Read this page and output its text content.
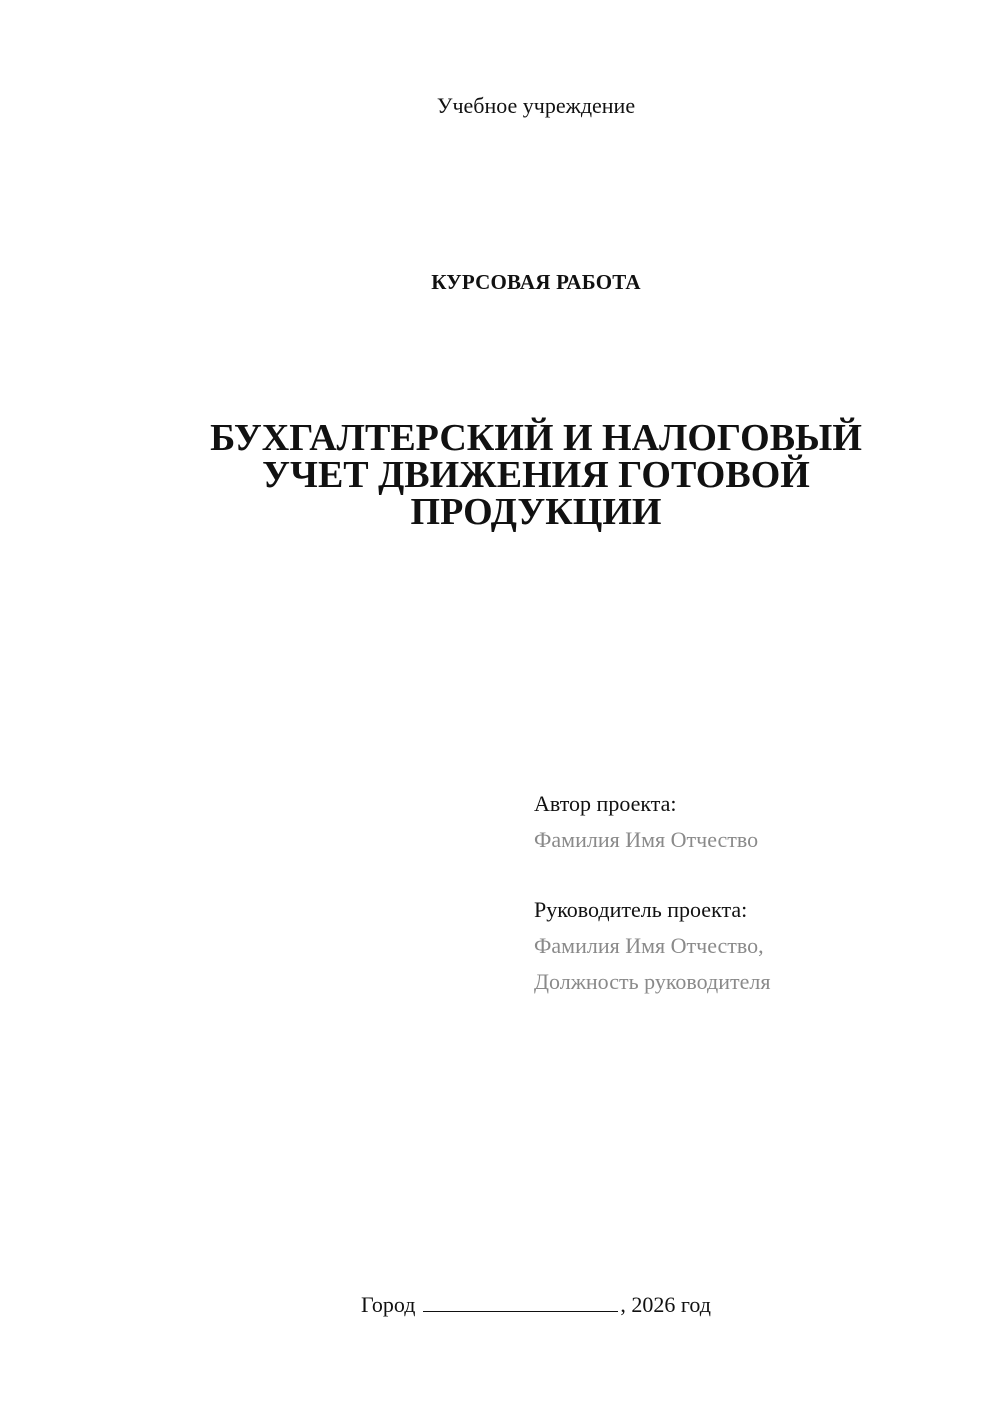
Учебное учреждение
КУРСОВАЯ РАБОТА
БУХГАЛТЕРСКИЙ И НАЛОГОВЫЙ
УЧЕТ ДВИЖЕНИЯ ГОТОВОЙ
ПРОДУКЦИИ
Автор проекта:
Фамилия Имя Отчество
Руководитель проекта:
Фамилия Имя Отчество,
Должность руководителя
Город	, 2026 год
